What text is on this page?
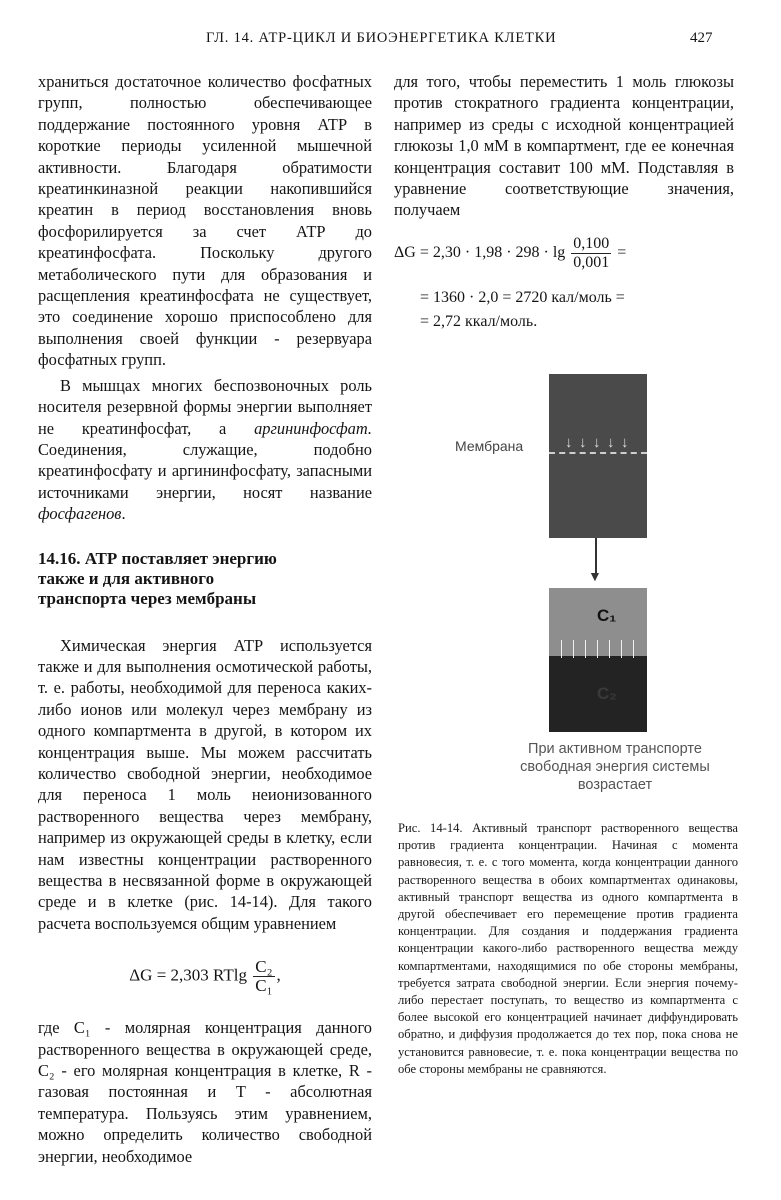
ГЛ. 14. АТР-ЦИКЛ И БИОЭНЕРГЕТИКА КЛЕТКИ	427

храниться достаточное количество фосфатных групп, полностью обеспечивающее поддержание постоянного уровня АТР в короткие периоды усиленной мышечной активности. Благодаря обратимости креатинкиназной реакции накопившийся креатин в период восстановления вновь фосфорилируется за счет АТР до креатинфосфата. Поскольку другого метаболического пути для образования и расщепления креатинфосфата не существует, это соединение хорошо приспособлено для выполнения своей функции - резервуара фосфатных групп.

В мышцах многих беспозвоночных роль носителя резервной формы энергии выполняет не креатинфосфат, а аргининфосфат. Соединения, служащие, подобно креатинфосфату и аргининфосфату, запасными источниками энергии, носят название фосфагенов.

14.16. АТР поставляет энергию
также и для активного
транспорта через мембраны

Химическая энергия АТР используется также и для выполнения осмотической работы, т. е. работы, необходимой для переноса каких-либо ионов или молекул через мембрану из одного компартмента в другой, в котором их концентрация выше. Мы можем рассчитать количество свободной энергии, необходимое для переноса 1 моль неионизованного растворенного вещества через мембрану, например из окружающей среды в клетку, если нам известны концентрации растворенного вещества в несвязанной форме в окружающей среде и в клетке (рис. 14-14). Для такого расчета воспользуемся общим уравнением

ΔG = 2,303 RTlg $\frac{\text{C₂}}{\text{C₁}}$ ,

где C₁ - молярная концентрация данного растворенного вещества в окружающей среде, C₂ - его молярная концентрация в клетке, R - газовая постоянная и T - абсолютная температура. Пользуясь этим уравнением, можно определить количество свободной энергии, необходимое

для того, чтобы переместить 1 моль глюкозы против стократного градиента концентрации, например из среды с исходной концентрацией глюкозы 1,0 мМ в компартмент, где ее конечная концентрация составит 100 мМ. Подставляя в уравнение соответствующие значения, получаем

$\Delta G = 2,30 \cdot 1,98 \cdot 298 \cdot \lg \frac{0,100}{0,001}$ =
= 1360 · 2,0 = 2720 кал/моль =
= 2,72 ккал/моль.
Мембрана	↓ ↓ ↓ ↓ ↓
▼
C₁
C₂
При активном транспорте свободная энергия системы возрастает
Рис. 14-14. Активный транспорт растворенного вещества против градиента концентрации. Начиная с момента равновесия, т. е. с того момента, когда концентрации данного растворенного вещества в обоих компартментах одинаковы, активный транспорт вещества из одного компартмента в другой обеспечивает его перемещение против градиента концентрации. Для создания и поддержания градиента концентрации какого-либо растворенного вещества между компартментами, находящимися по обе стороны мембраны, требуется затрата свободной энергии. Если энергия почему-либо перестает поступать, то вещество из компартмента с более высокой его концентрацией начинает диффундировать обратно, и диффузия продолжается до тех пор, пока снова не установится равновесие, т. е. пока концентрации вещества по обе стороны мембраны не сравняются.
